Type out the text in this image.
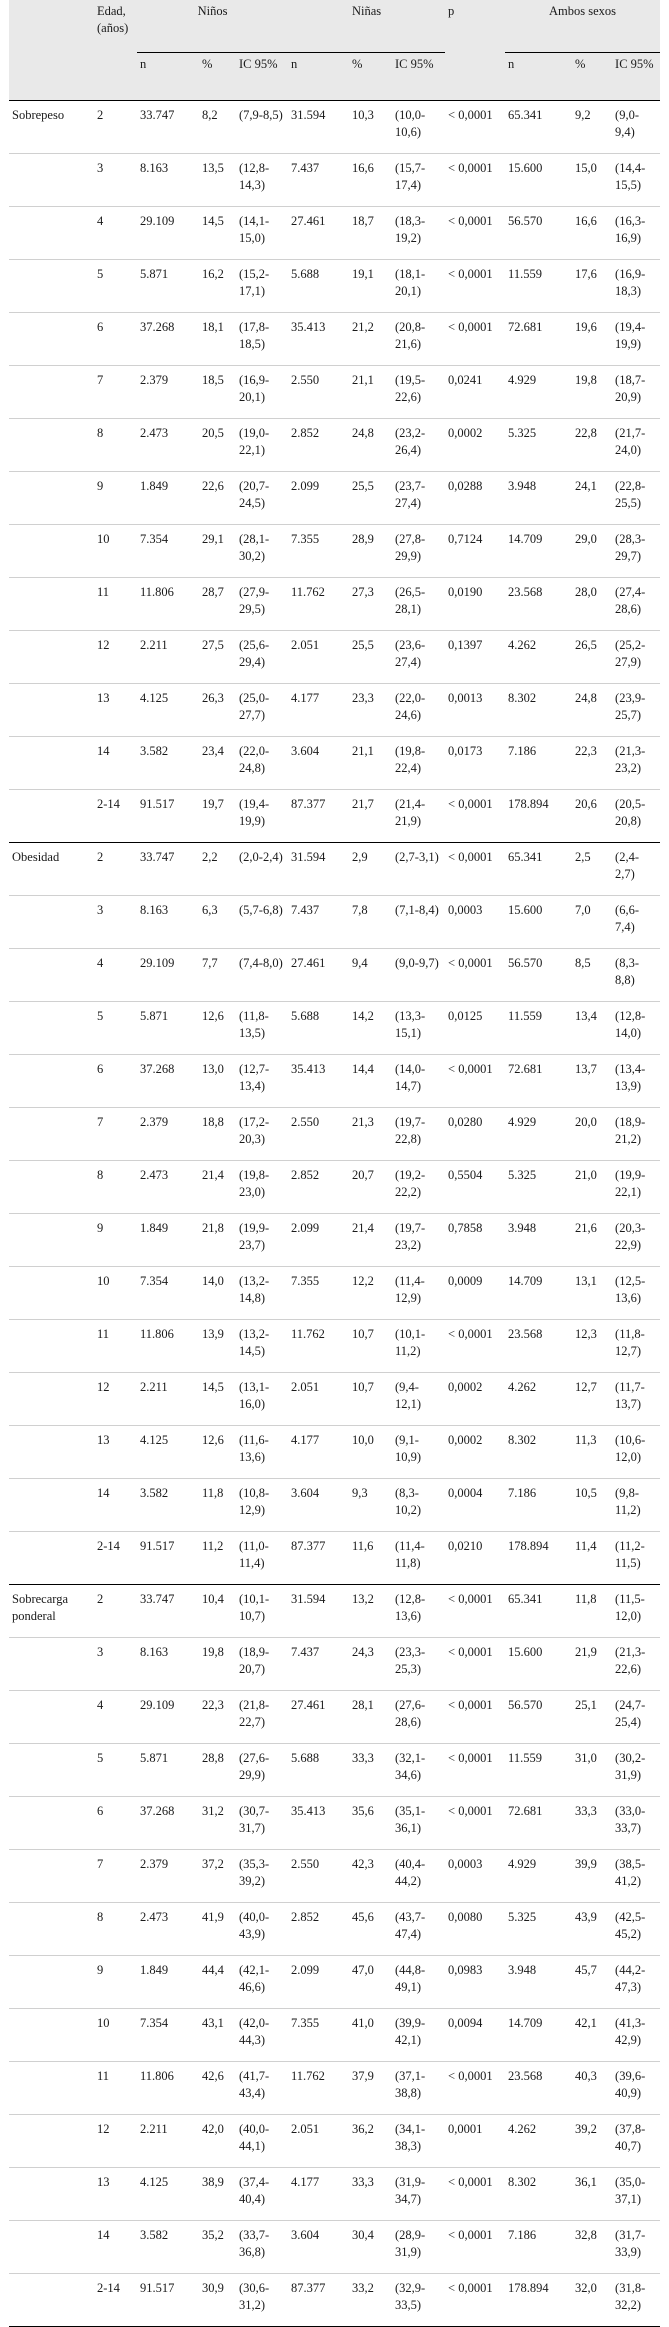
	Edad, (años)	Niños			Niñas			p	Ambos sexos		
		n	%	IC 95%	n	%	IC 95%		n	%	IC 95%
Sobrepeso	2	33.747	8,2	(7,9-8,5)	31.594	10,3	(10,0-10,6)	< 0,0001	65.341	9,2	(9,0-9,4)
	3	8.163	13,5	(12,8-14,3)	7.437	16,6	(15,7-17,4)	< 0,0001	15.600	15,0	(14,4-15,5)
	4	29.109	14,5	(14,1-15,0)	27.461	18,7	(18,3-19,2)	< 0,0001	56.570	16,6	(16,3-16,9)
	5	5.871	16,2	(15,2-17,1)	5.688	19,1	(18,1-20,1)	< 0,0001	11.559	17,6	(16,9-18,3)
	6	37.268	18,1	(17,8-18,5)	35.413	21,2	(20,8-21,6)	< 0,0001	72.681	19,6	(19,4-19,9)
	7	2.379	18,5	(16,9-20,1)	2.550	21,1	(19,5-22,6)	0,0241	4.929	19,8	(18,7-20,9)
	8	2.473	20,5	(19,0-22,1)	2.852	24,8	(23,2-26,4)	0,0002	5.325	22,8	(21,7-24,0)
	9	1.849	22,6	(20,7-24,5)	2.099	25,5	(23,7-27,4)	0,0288	3.948	24,1	(22,8-25,5)
	10	7.354	29,1	(28,1-30,2)	7.355	28,9	(27,8-29,9)	0,7124	14.709	29,0	(28,3-29,7)
	11	11.806	28,7	(27,9-29,5)	11.762	27,3	(26,5-28,1)	0,0190	23.568	28,0	(27,4-28,6)
	12	2.211	27,5	(25,6-29,4)	2.051	25,5	(23,6-27,4)	0,1397	4.262	26,5	(25,2-27,9)
	13	4.125	26,3	(25,0-27,7)	4.177	23,3	(22,0-24,6)	0,0013	8.302	24,8	(23,9-25,7)
	14	3.582	23,4	(22,0-24,8)	3.604	21,1	(19,8-22,4)	0,0173	7.186	22,3	(21,3-23,2)
	2-14	91.517	19,7	(19,4-19,9)	87.377	21,7	(21,4-21,9)	< 0,0001	178.894	20,6	(20,5-20,8)
Obesidad	2	33.747	2,2	(2,0-2,4)	31.594	2,9	(2,7-3,1)	< 0,0001	65.341	2,5	(2,4-2,7)
	3	8.163	6,3	(5,7-6,8)	7.437	7,8	(7,1-8,4)	0,0003	15.600	7,0	(6,6-7,4)
	4	29.109	7,7	(7,4-8,0)	27.461	9,4	(9,0-9,7)	< 0,0001	56.570	8,5	(8,3-8,8)
	5	5.871	12,6	(11,8-13,5)	5.688	14,2	(13,3-15,1)	0,0125	11.559	13,4	(12,8-14,0)
	6	37.268	13,0	(12,7-13,4)	35.413	14,4	(14,0-14,7)	< 0,0001	72.681	13,7	(13,4-13,9)
	7	2.379	18,8	(17,2-20,3)	2.550	21,3	(19,7-22,8)	0,0280	4.929	20,0	(18,9-21,2)
	8	2.473	21,4	(19,8-23,0)	2.852	20,7	(19,2-22,2)	0,5504	5.325	21,0	(19,9-22,1)
	9	1.849	21,8	(19,9-23,7)	2.099	21,4	(19,7-23,2)	0,7858	3.948	21,6	(20,3-22,9)
	10	7.354	14,0	(13,2-14,8)	7.355	12,2	(11,4-12,9)	0,0009	14.709	13,1	(12,5-13,6)
	11	11.806	13,9	(13,2-14,5)	11.762	10,7	(10,1-11,2)	< 0,0001	23.568	12,3	(11,8-12,7)
	12	2.211	14,5	(13,1-16,0)	2.051	10,7	(9,4-12,1)	0,0002	4.262	12,7	(11,7-13,7)
	13	4.125	12,6	(11,6-13,6)	4.177	10,0	(9,1-10,9)	0,0002	8.302	11,3	(10,6-12,0)
	14	3.582	11,8	(10,8-12,9)	3.604	9,3	(8,3-10,2)	0,0004	7.186	10,5	(9,8-11,2)
	2-14	91.517	11,2	(11,0-11,4)	87.377	11,6	(11,4-11,8)	0,0210	178.894	11,4	(11,2-11,5)
Sobrecarga ponderal	2	33.747	10,4	(10,1-10,7)	31.594	13,2	(12,8-13,6)	< 0,0001	65.341	11,8	(11,5-12,0)
	3	8.163	19,8	(18,9-20,7)	7.437	24,3	(23,3-25,3)	< 0,0001	15.600	21,9	(21,3-22,6)
	4	29.109	22,3	(21,8-22,7)	27.461	28,1	(27,6-28,6)	< 0,0001	56.570	25,1	(24,7-25,4)
	5	5.871	28,8	(27,6-29,9)	5.688	33,3	(32,1-34,6)	< 0,0001	11.559	31,0	(30,2-31,9)
	6	37.268	31,2	(30,7-31,7)	35.413	35,6	(35,1-36,1)	< 0,0001	72.681	33,3	(33,0-33,7)
	7	2.379	37,2	(35,3-39,2)	2.550	42,3	(40,4-44,2)	0,0003	4.929	39,9	(38,5-41,2)
	8	2.473	41,9	(40,0-43,9)	2.852	45,6	(43,7-47,4)	0,0080	5.325	43,9	(42,5-45,2)
	9	1.849	44,4	(42,1-46,6)	2.099	47,0	(44,8-49,1)	0,0983	3.948	45,7	(44,2-47,3)
	10	7.354	43,1	(42,0-44,3)	7.355	41,0	(39,9-42,1)	0,0094	14.709	42,1	(41,3-42,9)
	11	11.806	42,6	(41,7-43,4)	11.762	37,9	(37,1-38,8)	< 0,0001	23.568	40,3	(39,6-40,9)
	12	2.211	42,0	(40,0-44,1)	2.051	36,2	(34,1-38,3)	0,0001	4.262	39,2	(37,8-40,7)
	13	4.125	38,9	(37,4-40,4)	4.177	33,3	(31,9-34,7)	< 0,0001	8.302	36,1	(35,0-37,1)
	14	3.582	35,2	(33,7-36,8)	3.604	30,4	(28,9-31,9)	< 0,0001	7.186	32,8	(31,7-33,9)
	2-14	91.517	30,9	(30,6-31,2)	87.377	33,2	(32,9-33,5)	< 0,0001	178.894	32,0	(31,8-32,2)
